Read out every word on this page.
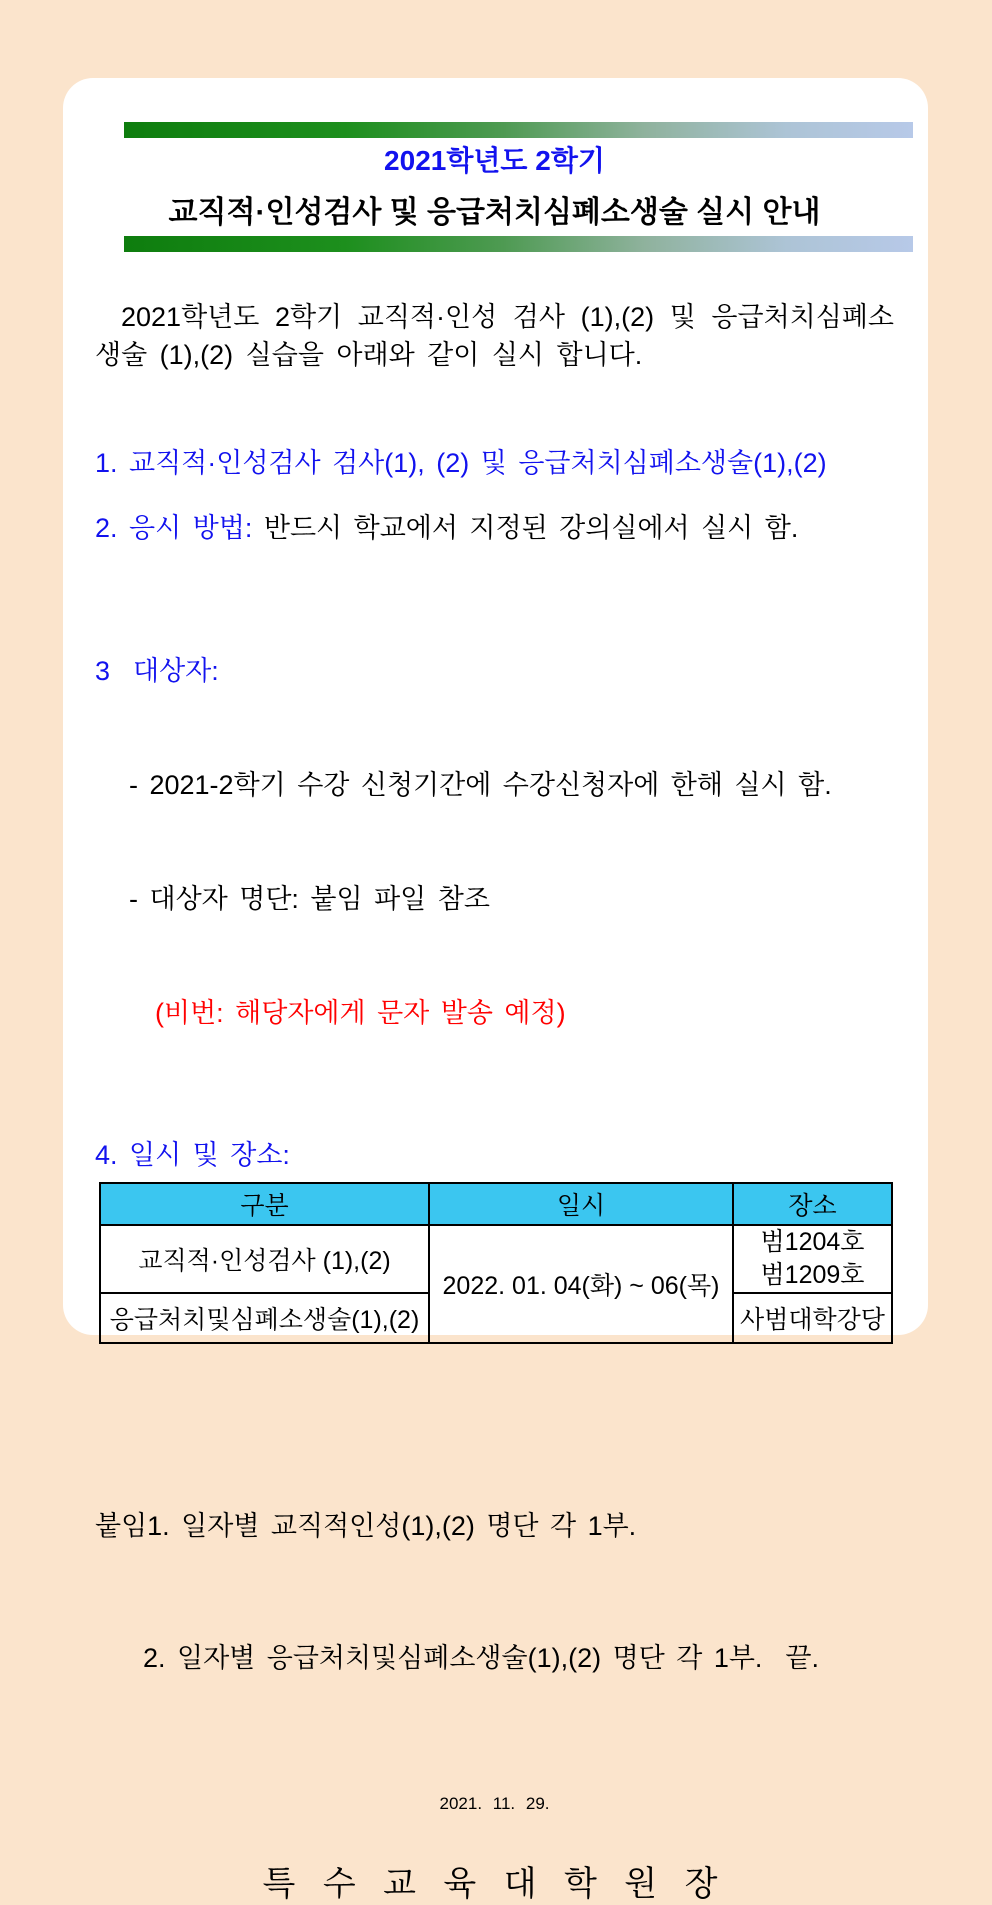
2021학년도 2학기
교직적·인성검사 및 응급처치심폐소생술 실시 안내

2021학년도 2학기 교직적·인성 검사 (1),(2) 및 응급처치심폐소생술 (1),(2) 실습을 아래와 같이 실시 합니다.

1. 교직적·인성검사 검사(1), (2) 및 응급처치심폐소생술(1),(2)
2. 응시 방법: 반드시 학교에서 지정된 강의실에서 실시 함.

3  대상자:

- 2021-2학기 수강 신청기간에 수강신청자에 한해 실시 함.

- 대상자 명단: 붙임 파일 참조

(비번: 해당자에게 문자 발송 예정)

4. 일시 및 장소:
구분	일시	장소
교직적·인성검사 (1),(2)	2022. 01. 04(화) ~ 06(목)	범1204호
범1209호

응급처치및심폐소생술(1),(2)		사범대학강당

붙임1. 일자별 교직적인성(1),(2) 명단 각 1부.

2. 일자별 응급처치및심폐소생술(1),(2) 명단 각 1부.  끝.

2021. 11. 29.
특 수 교 육 대 학 원 장
